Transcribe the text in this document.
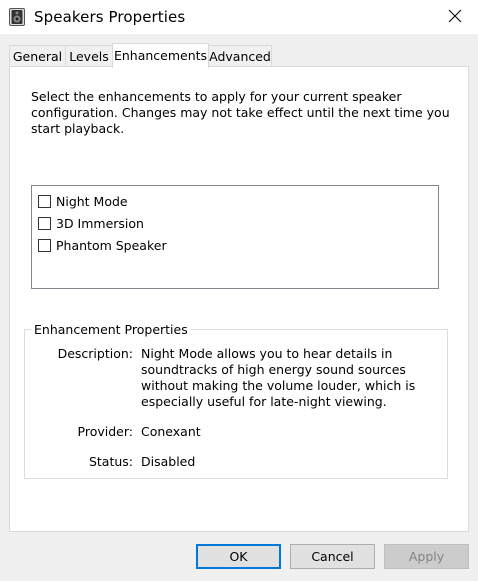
Speakers Properties
General Levels Enhancements Advanced
Select the enhancements to apply for your current speaker configuration. Changes may not take effect until the next time you start playback.
Night Mode
3D Immersion
Phantom Speaker
Enhancement Properties
Description: Night Mode allows you to hear details in soundtracks of high energy sound sources without making the volume louder, which is especially useful for late-night viewing.
Provider: Conexant
Status: Disabled
OK	Cancel	Apply
